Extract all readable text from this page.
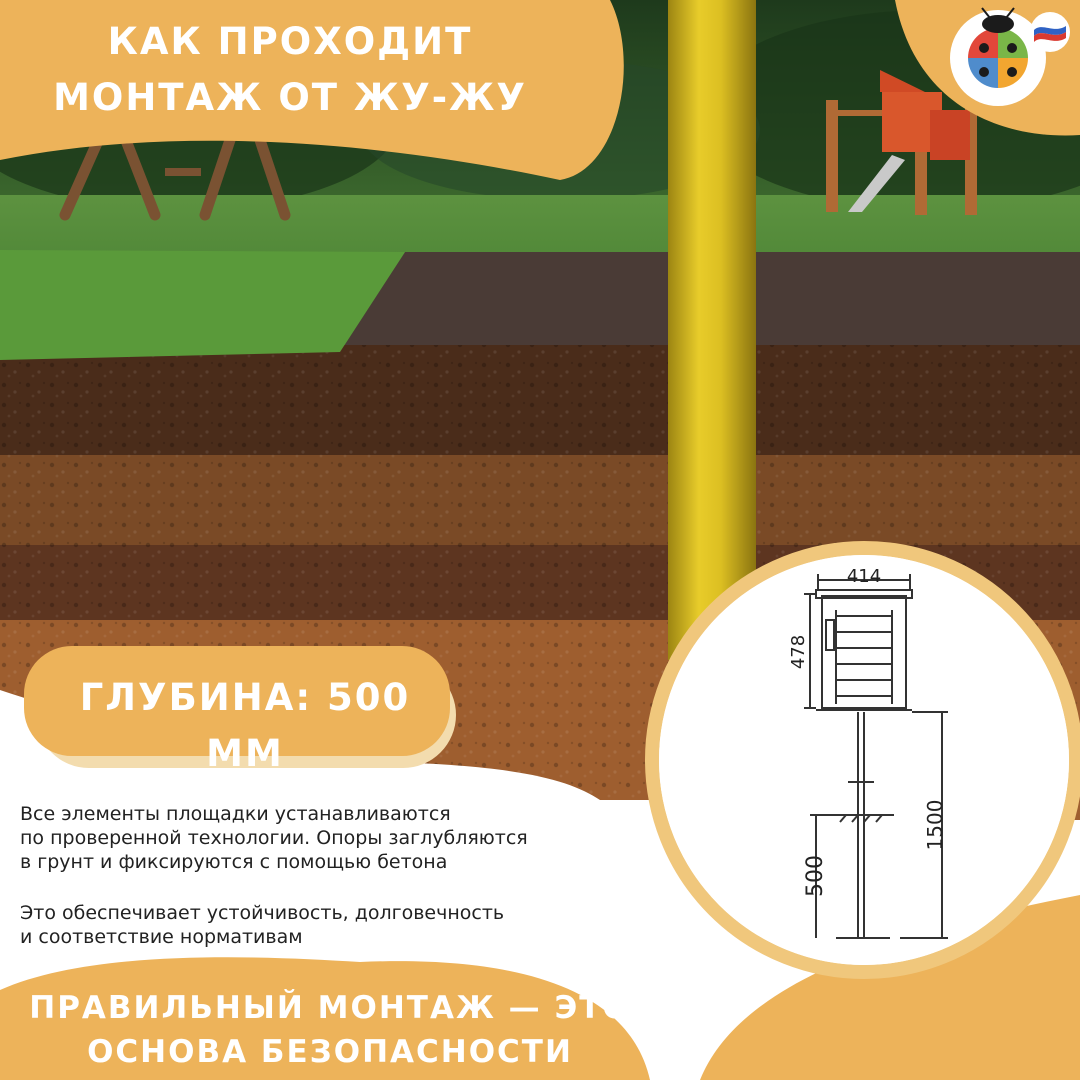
414
478
1500
500
КАК ПРОХОДИТ
МОНТАЖ ОТ ЖУ-ЖУ
ГЛУБИНА: 500 ММ

Все элементы площадки устанавливаются
по проверенной технологии. Опоры заглубляются
в грунт и фиксируются с помощью бетона

Это обеспечивает устойчивость, долговечность
и соответствие нормативам

ПРАВИЛЬНЫЙ МОНТАЖ — ЭТО
ОСНОВА БЕЗОПАСНОСТИ
